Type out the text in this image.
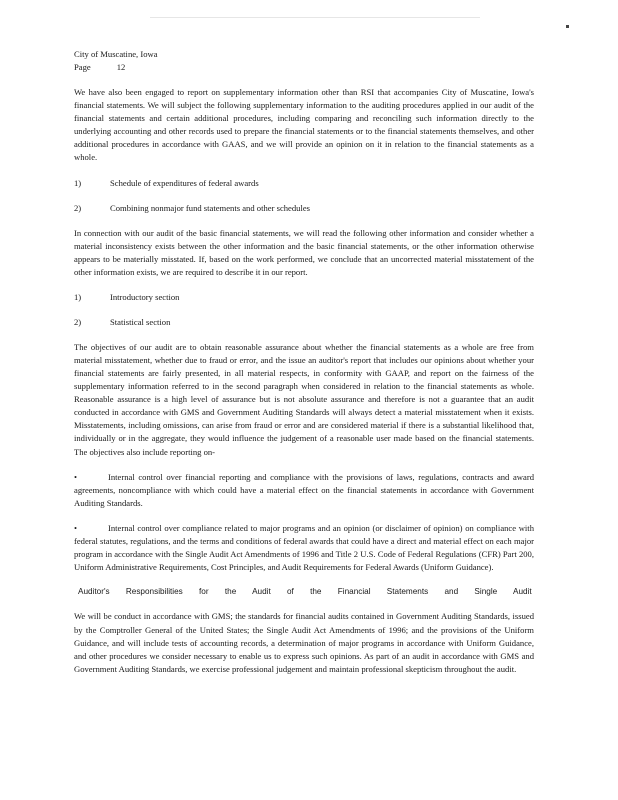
City of Muscatine, Iowa
Page	12

We have also been engaged to report on supplementary information other than RSI that accompanies City of Muscatine, Iowa's financial statements. We will subject the following supplementary information to the auditing procedures applied in our audit of the financial statements and certain additional procedures, including comparing and reconciling such information directly to the underlying accounting and other records used to prepare the financial statements or to the financial statements themselves, and other additional procedures in accordance with GAAS, and we will provide an opinion on it in relation to the financial statements as a whole.

1)	Schedule of expenditures of federal awards
2)	Combining nonmajor fund statements and other schedules

In connection with our audit of the basic financial statements, we will read the following other information and consider whether a material inconsistency exists between the other information and the basic financial statements, or the other information otherwise appears to be materially misstated. If, based on the work performed, we conclude that an uncorrected material misstatement of the other information exists, we are required to describe it in our report.

1)	Introductory section
2)	Statistical section

The objectives of our audit are to obtain reasonable assurance about whether the financial statements as a whole are free from material misstatement, whether due to fraud or error, and the issue an auditor's report that includes our opinions about whether your financial statements are fairly presented, in all material respects, in conformity with GAAP, and report on the fairness of the supplementary information referred to in the second paragraph when considered in relation to the financial statements as whole. Reasonable assurance is a high level of assurance but is not absolute assurance and therefore is not a guarantee that an audit conducted in accordance with GMS and Government Auditing Standards will always detect a material misstatement when it exists. Misstatements, including omissions, can arise from fraud or error and are considered material if there is a substantial likelihood that, individually or in the aggregate, they would influence the judgement of a reasonable user made based on the financial statements. The objectives also include reporting on-

•	Internal control over financial reporting and compliance with the provisions of laws, regulations, contracts and award agreements, noncompliance with which could have a material effect on the financial statements in accordance with Government Auditing Standards.
•	Internal control over compliance related to major programs and an opinion (or disclaimer of opinion) on compliance with federal statutes, regulations, and the terms and conditions of federal awards that could have a direct and material effect on each major program in accordance with the Single Audit Act Amendments of 1996 and Title 2 U.S. Code of Federal Regulations (CFR) Part 200, Uniform Administrative Requirements, Cost Principles, and Audit Requirements for Federal Awards (Uniform Guidance).
Auditor's Responsibilities for the Audit of the Financial Statements and Single Audit

We will be conduct in accordance with GMS; the standards for financial audits contained in Government Auditing Standards, issued by the Comptroller General of the United States; the Single Audit Act Amendments of 1996; and the provisions of the Uniform Guidance, and will include tests of accounting records, a determination of major programs in accordance with Uniform Guidance, and other procedures we consider necessary to enable us to express such opinions. As part of an audit in accordance with GMS and Government Auditing Standards, we exercise professional judgement and maintain professional skepticism throughout the audit.
